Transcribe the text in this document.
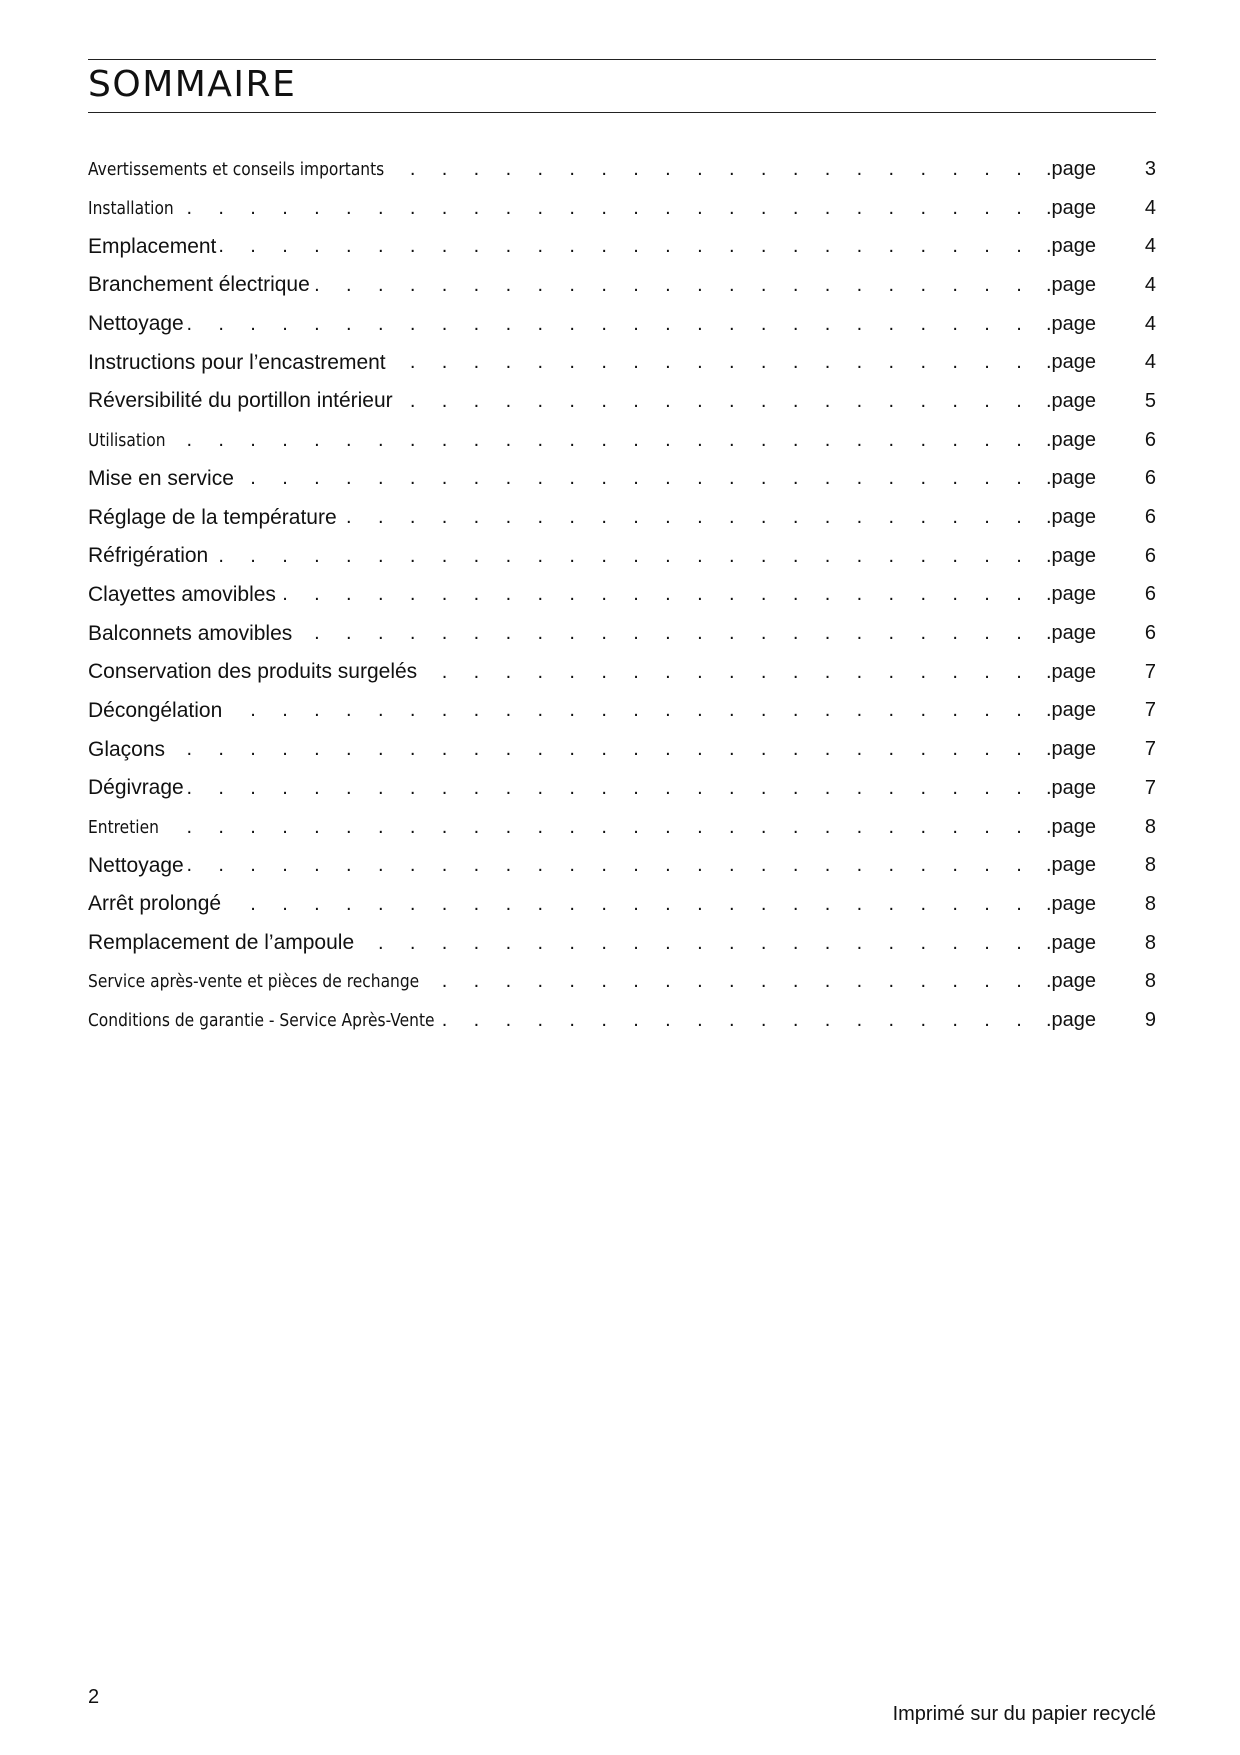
SOMMAIRE
. . .
Avertissements et conseils importants	.page	3
. . .
Installation	.page	4
. . .
Emplacement	.page	4
. . .
Branchement électrique	.page	4
. . .
Nettoyage	.page	4
. . .
Instructions pour l’encastrement	.page	4
. . .
Réversibilité du portillon intérieur	.page	5
. . .
Utilisation	.page	6
. . .
Mise en service	.page	6
. . .
Réglage de la température	.page	6
. . .
Réfrigération	.page	6
. . .
Clayettes amovibles	.page	6
. . .
Balconnets amovibles	.page	6
. . .
Conservation des produits surgelés	.page	7
. . .
Décongélation	.page	7
. . .
Glaçons	.page	7
. . .
Dégivrage	.page	7
. . .
Entretien	.page	8
. . .
Nettoyage	.page	8
. . .
Arrêt prolongé	.page	8
. . .
Remplacement de l’ampoule	.page	8
. . .
Service après-vente et pièces de rechange	.page	8
. . .
Conditions de garantie - Service Après-Vente	.page	9
2
Imprimé sur du papier recyclé
